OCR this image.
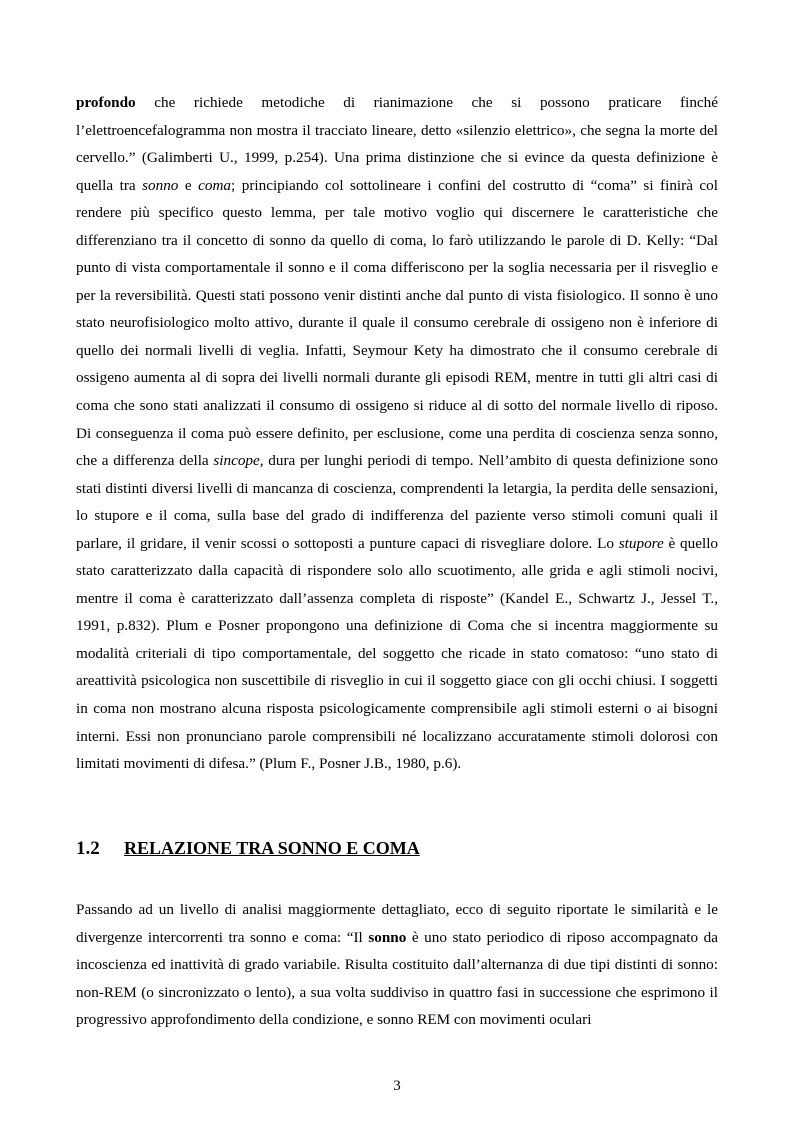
profondo che richiede metodiche di rianimazione che si possono praticare finché l’elettroencefalogramma non mostra il tracciato lineare, detto «silenzio elettrico», che segna la morte del cervello.” (Galimberti U., 1999, p.254). Una prima distinzione che si evince da questa definizione è quella tra sonno e coma; principiando col sottolineare i confini del costrutto di “coma” si finirà col rendere più specifico questo lemma, per tale motivo voglio qui discernere le caratteristiche che differenziano tra il concetto di sonno da quello di coma, lo farò utilizzando le parole di D. Kelly: “Dal punto di vista comportamentale il sonno e il coma differiscono per la soglia necessaria per il risveglio e per la reversibilità. Questi stati possono venir distinti anche dal punto di vista fisiologico. Il sonno è uno stato neurofisiologico molto attivo, durante il quale il consumo cerebrale di ossigeno non è inferiore di quello dei normali livelli di veglia. Infatti, Seymour Kety ha dimostrato che il consumo cerebrale di ossigeno aumenta al di sopra dei livelli normali durante gli episodi REM, mentre in tutti gli altri casi di coma che sono stati analizzati il consumo di ossigeno si riduce al di sotto del normale livello di riposo. Di conseguenza il coma può essere definito, per esclusione, come una perdita di coscienza senza sonno, che a differenza della sincope, dura per lunghi periodi di tempo. Nell’ambito di questa definizione sono stati distinti diversi livelli di mancanza di coscienza, comprendenti la letargia, la perdita delle sensazioni, lo stupore e il coma, sulla base del grado di indifferenza del paziente verso stimoli comuni quali il parlare, il gridare, il venir scossi o sottoposti a punture capaci di risvegliare dolore. Lo stupore è quello stato caratterizzato dalla capacità di rispondere solo allo scuotimento, alle grida e agli stimoli nocivi, mentre il coma è caratterizzato dall’assenza completa di risposte” (Kandel E., Schwartz J., Jessel T., 1991, p.832). Plum e Posner propongono una definizione di Coma che si incentra maggiormente su modalità criteriali di tipo comportamentale, del soggetto che ricade in stato comatoso: “uno stato di areattività psicologica non suscettibile di risveglio in cui il soggetto giace con gli occhi chiusi. I soggetti in coma non mostrano alcuna risposta psicologicamente comprensibile agli stimoli esterni o ai bisogni interni. Essi non pronunciano parole comprensibili né localizzano accuratamente stimoli dolorosi con limitati movimenti di difesa.” (Plum F., Posner J.B., 1980, p.6).

1.2 RELAZIONE TRA SONNO E COMA

Passando ad un livello di analisi maggiormente dettagliato, ecco di seguito riportate le similarità e le divergenze intercorrenti tra sonno e coma: “Il sonno è uno stato periodico di riposo accompagnato da incoscienza ed inattività di grado variabile. Risulta costituito dall’alternanza di due tipi distinti di sonno: non-REM (o sincronizzato o lento), a sua volta suddiviso in quattro fasi in successione che esprimono il progressivo approfondimento della condizione, e sonno REM con movimenti oculari

3
